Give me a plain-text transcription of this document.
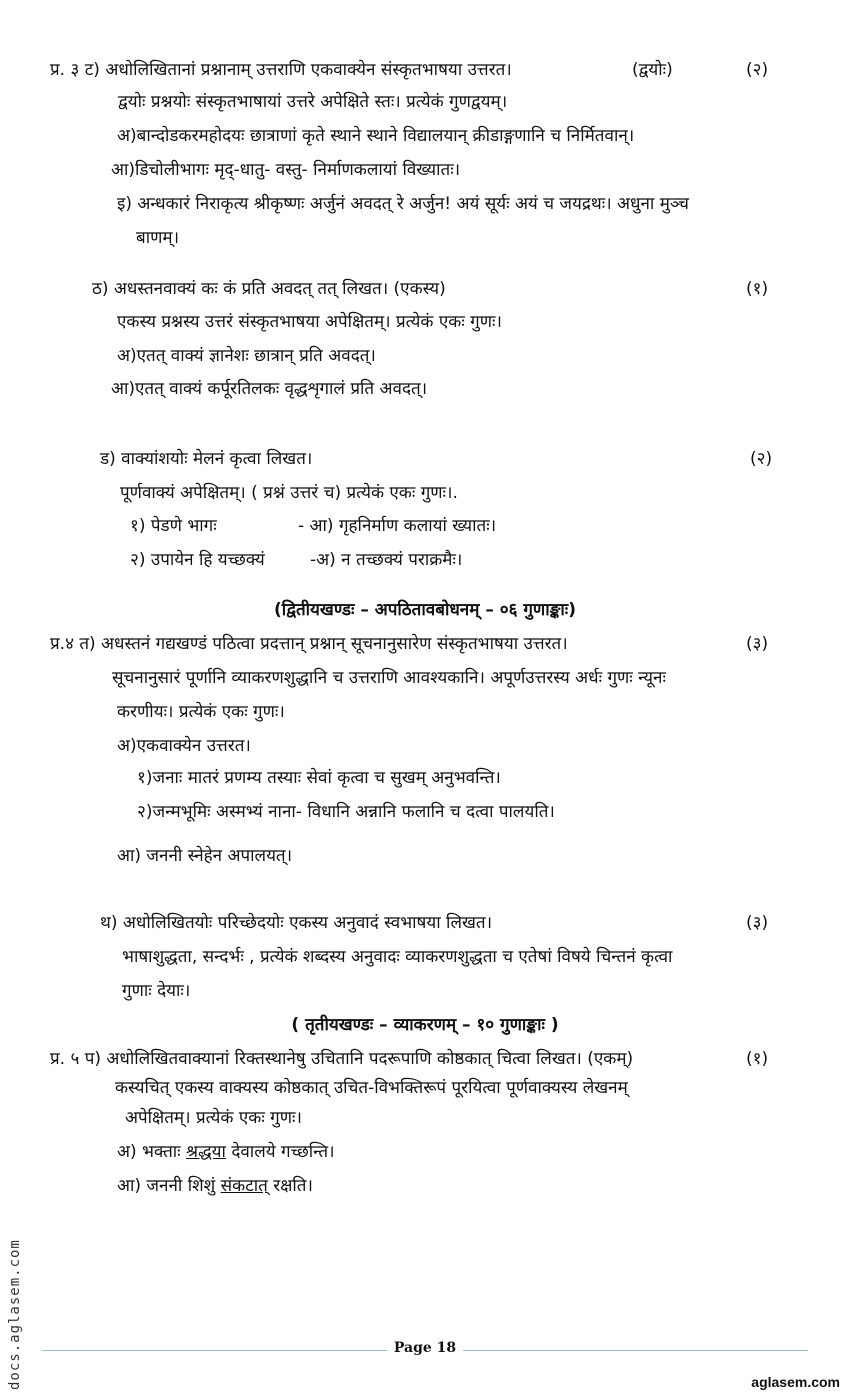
प्र. ३ ट) अधोलिखितानां प्रश्नानाम् उत्तराणि एकवाक्येन संस्कृतभाषया उत्तरत।	(द्वयोः)	(२)
द्वयोः प्रश्नयोः संस्कृतभाषायां उत्तरे अपेक्षिते स्तः। प्रत्येकं गुणद्वयम्।
अ)बान्दोडकरमहोदयः छात्राणां कृते स्थाने स्थाने विद्यालयान् क्रीडाङ्गणानि च निर्मितवान्।
आ)डिचोलीभागः मृद्-धातु- वस्तु- निर्माणकलायां विख्यातः।
इ) अन्धकारं निराकृत्य श्रीकृष्णः अर्जुनं अवदत् रे अर्जुन! अयं सूर्यः अयं च जयद्रथः। अधुना मुञ्च
बाणम्।
ठ) अधस्तनवाक्यं कः कं प्रति अवदत् तत् लिखत। (एकस्य)	(१)
एकस्य प्रश्नस्य उत्तरं संस्कृतभाषया अपेक्षितम्। प्रत्येकं एकः गुणः।
अ)एतत् वाक्यं ज्ञानेशः छात्रान् प्रति अवदत्।
आ)एतत् वाक्यं कर्पूरतिलकः वृद्धशृगालं प्रति अवदत्।
ड) वाक्यांशयोः मेलनं कृत्वा लिखत।	(२)
पूर्णवाक्यं अपेक्षितम्। ( प्रश्नं उत्तरं च) प्रत्येकं एकः गुणः।.
१) पेडणे भागः	- आ) गृहनिर्माण कलायां ख्यातः।
२) उपायेन हि यच्छक्यं	-अ) न तच्छक्यं पराक्रमैः।
(द्वितीयखण्डः – अपठितावबोधनम् – ०६ गुणाङ्काः)
प्र.४ त) अधस्तनं गद्यखण्डं पठित्वा प्रदत्तान् प्रश्नान् सूचनानुसारेण संस्कृतभाषया उत्तरत।	(३)
सूचनानुसारं पूर्णानि व्याकरणशुद्धानि च उत्तराणि आवश्यकानि। अपूर्णउत्तरस्य अर्धः गुणः न्यूनः
करणीयः। प्रत्येकं एकः गुणः।
अ)एकवाक्येन उत्तरत।
१)जनाः मातरं प्रणम्य तस्याः सेवां कृत्वा च सुखम् अनुभवन्ति।
२)जन्मभूमिः अस्मभ्यं नाना- विधानि अन्नानि फलानि च दत्वा पालयति।
आ) जननी स्नेहेन अपालयत्।
थ) अधोलिखितयोः परिच्छेदयोः एकस्य अनुवादं स्वभाषया लिखत।	(३)
भाषाशुद्धता, सन्दर्भः , प्रत्येकं शब्दस्य अनुवादः व्याकरणशुद्धता च एतेषां विषये चिन्तनं कृत्वा
गुणाः देयाः।
( तृतीयखण्डः – व्याकरणम् – १० गुणाङ्काः )
प्र. ५ प) अधोलिखितवाक्यानां रिक्तस्थानेषु उचितानि पदरूपाणि कोष्ठकात् चित्वा लिखत। (एकम्)	(१)
कस्यचित् एकस्य वाक्यस्य कोष्ठकात् उचित-विभक्तिरूपं पूरयित्वा पूर्णवाक्यस्य लेखनम्
अपेक्षितम्। प्रत्येकं एकः गुणः।
अ) भक्ताः श्रद्धया देवालये गच्छन्ति।
आ) जननी शिशुं संकटात् रक्षति।
docs.aglasem.com	Page 18
aglasem.com
